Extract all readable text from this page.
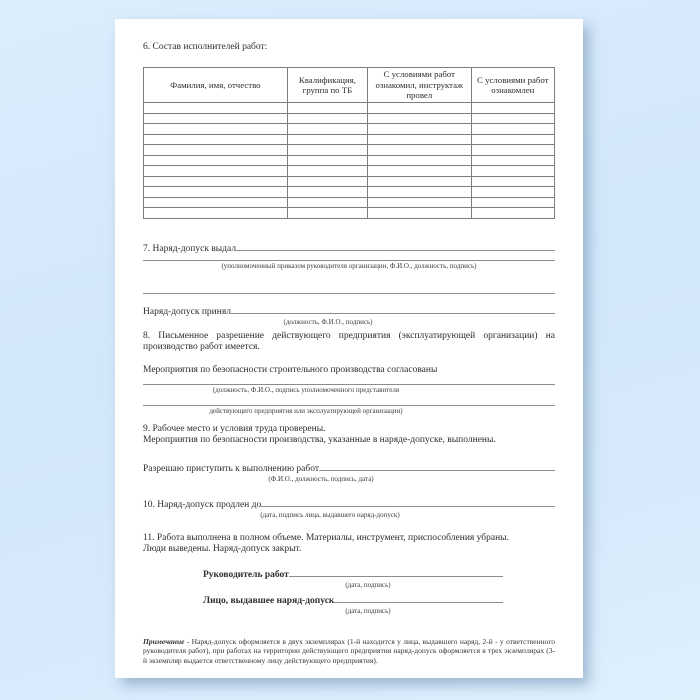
6. Состав исполнителей работ:
Фамилия, имя, отчество	Квалификация, группа по ТБ	С условиями работ ознакомил, инструктаж провел	С условиями работ ознакомлен

7. Наряд-допуск выдал
(уполномоченный приказом руководителя организации, Ф.И.О., должность, подпись)
Наряд-допуск принял
(должность, Ф.И.О., подпись)
8. Письменное разрешение действующего предприятия (эксплуатирующей организации) на производство работ имеется.
Мероприятия по безопасности строительного производства согласованы
(должность, Ф.И.О., подпись уполномоченного представителя
действующего предприятия или эксплуатирующей организации)
9. Рабочее место и условия труда проверены.
Мероприятия по безопасности производства, указанные в наряде-допуске, выполнены.
Разрешаю приступить к выполнению работ
(Ф.И.О., должность, подпись, дата)
10. Наряд-допуск продлен до
(дата, подпись лица, выдавшего наряд-допуск)
11. Работа выполнена в полном объеме. Материалы, инструмент, приспособления убраны.
Люди выведены. Наряд-допуск закрыт.
Руководитель работ
(дата, подпись)
Лицо, выдавшее наряд-допуск
(дата, подпись)
Примечание - Наряд-допуск оформляется в двух экземплярах (1-й находится у лица, выдавшего наряд, 2-й - у ответственного руководителя работ), при работах на территории действующего предприятия наряд-допуск оформляется в трех экземплярах (3-й экземпляр выдается ответственному лицу действующего предприятия).
